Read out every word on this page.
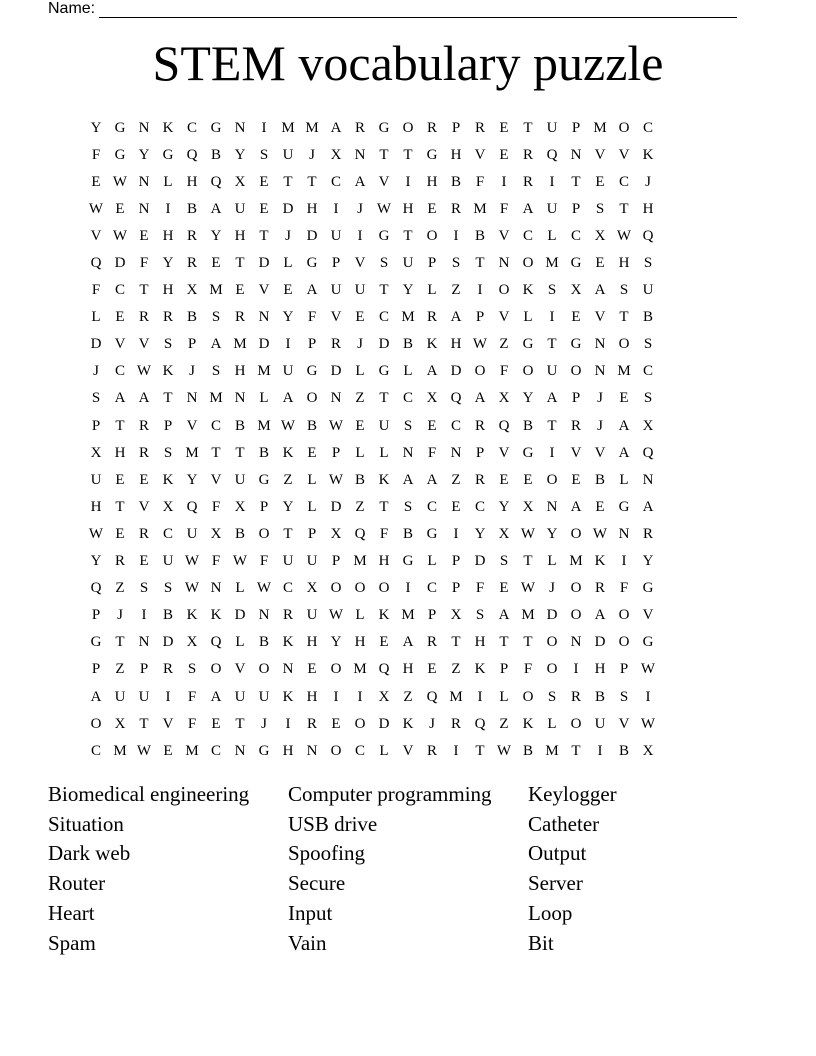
Name:
STEM vocabulary puzzle
Y G N K C G N	I M M A R G O R P R E T U P M O C
F G Y G Q B Y S U	J	X N T T G H V E R Q N V V K
E W N L H Q X E T T C A V	I	H B F	I	R	I	T E C	J
W E N	I	B A U E D H	I	J W H E R M F A U P	S	T H
V W E H R Y H T	J	D U	I	G T O	I	B V C L C X W Q
Q D F Y R E T D L G P V S U P	S	T N O M G E H S
F C T H X M E V E A U U T Y L Z	I	O K S X A S U
L E R R B S R N Y F V E C M R A P V L	I	E V T B
D V V S	P A M D	I	P R	J	D B K H W Z G T G N O S
J	C W K	J	S H M U G D L G L A D O F O U O N M C
S A A T N M N L A O N Z T C X Q A X Y A P	J	E	S
P	T R P V C B M W B W E U S	E C R Q B T R	J	A X
X H R S M T T B K E	P	L L N F N P V G	I	V V A Q
U E E K Y V U G Z L W B K A A Z R E E O E B L N
H T V X Q F X P Y L D Z T	S C E C Y X N A E G A
W E R C U X B O T	P X Q F B G	I	Y X W Y O W N R
Y R E U W F W F U U P M H G L	P D S	T L M K	I	Y
Q Z	S	S W N L W C X O O O	I	C P	F	E W J	O R F G
P	J	I	B K K D N R U W L K M P X S A M D O A O V
G T N D X Q L B K H Y H E A R T H T T O N D O G
P	Z	P R S O V O N E O M Q H E Z K P	F O	I	H P W
A U U	I	F A U U K H	I	I	X Z Q M I	L O S R B S	I
O X T V F	E T	J	I	R E O D K	J	R Q Z K L O U V W
C M W E M C N G H N O C L V R	I	T W B M T	I	B X
Biomedical engineering	Computer programming	Keylogger
Situation	USB drive	Catheter
Dark web	Spoofing	Output
Router	Secure	Server
Heart	Input	Loop
Spam	Vain	Bit
